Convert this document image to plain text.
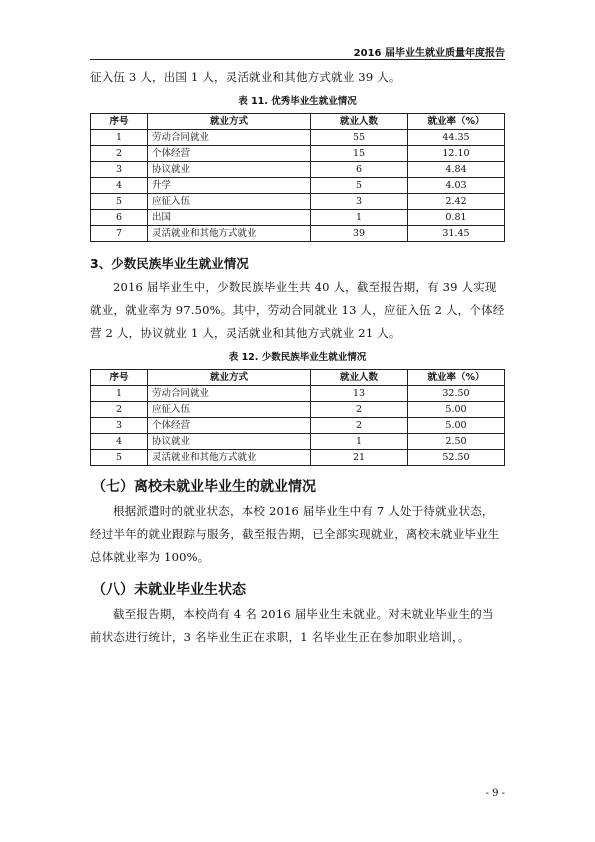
2016 届毕业生就业质量年度报告

征入伍 3 人，出国 1 人，灵活就业和其他方式就业 39 人。

表 11. 优秀毕业生就业情况
序号	就业方式	就业人数	就业率（%）
1	劳动合同就业	55	44.35
2	个体经营	15	12.10
3	协议就业	6	4.84
4	升学	5	4.03
5	应征入伍	3	2.42
6	出国	1	0.81
7	灵活就业和其他方式就业	39	31.45
3、少数民族毕业生就业情况

2016 届毕业生中，少数民族毕业生共 40 人，截至报告期，有 39 人实现就业，就业率为 97.50%。其中，劳动合同就业 13 人，应征入伍 2 人，个体经营 2 人，协议就业 1 人，灵活就业和其他方式就业 21 人。

表 12. 少数民族毕业生就业情况
序号	就业方式	就业人数	就业率（%）
1	劳动合同就业	13	32.50
2	应征入伍	2	5.00
3	个体经营	2	5.00
4	协议就业	1	2.50
5	灵活就业和其他方式就业	21	52.50
（七）离校未就业毕业生的就业情况

根据派遣时的就业状态，本校 2016 届毕业生中有 7 人处于待就业状态，经过半年的就业跟踪与服务，截至报告期，已全部实现就业，离校未就业毕业生总体就业率为 100%。

（八）未就业毕业生状态

截至报告期，本校尚有 4 名 2016 届毕业生未就业。对未就业毕业生的当前状态进行统计，3 名毕业生正在求职，1 名毕业生正在参加职业培训，。

- 9 -
